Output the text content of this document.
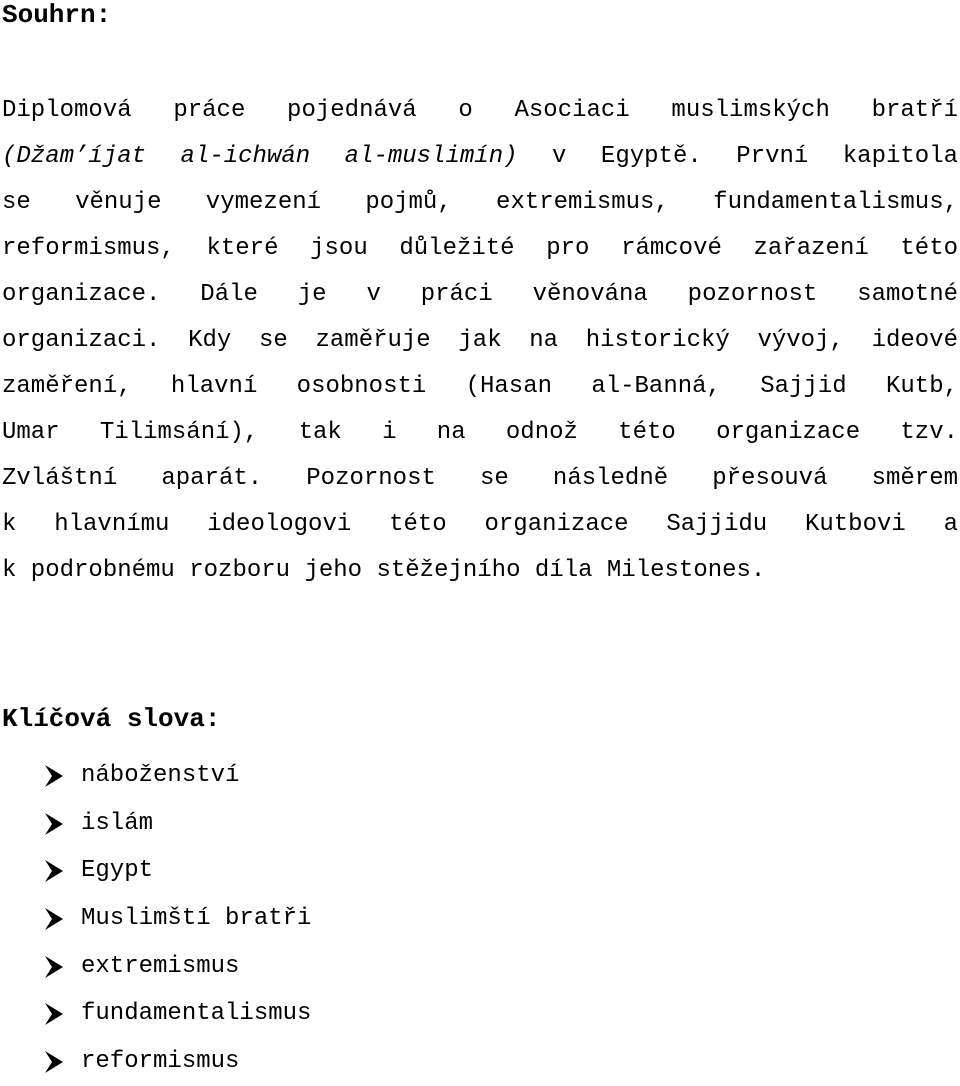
Souhrn:
Diplomová práce pojednává o Asociaci muslimských bratří
(Džam’íjat al-ichwán al-muslimín) v Egyptě. První kapitola
se věnuje vymezení pojmů, extremismus, fundamentalismus,
reformismus, které jsou důležité pro rámcové zařazení této
organizace. Dále je v práci věnována pozornost samotné
organizaci. Kdy se zaměřuje jak na historický vývoj, ideové
zaměření, hlavní osobnosti (Hasan al-Banná, Sajjid Kutb,
Umar Tilimsání), tak i na odnož této organizace tzv.
Zvláštní aparát. Pozornost se následně přesouvá směrem
k hlavnímu ideologovi této organizace Sajjidu Kutbovi a
k podrobnému rozboru jeho stěžejního díla Milestones.
Klíčová slova:
náboženství
islám
Egypt
Muslimští bratři
extremismus
fundamentalismus
reformismus
